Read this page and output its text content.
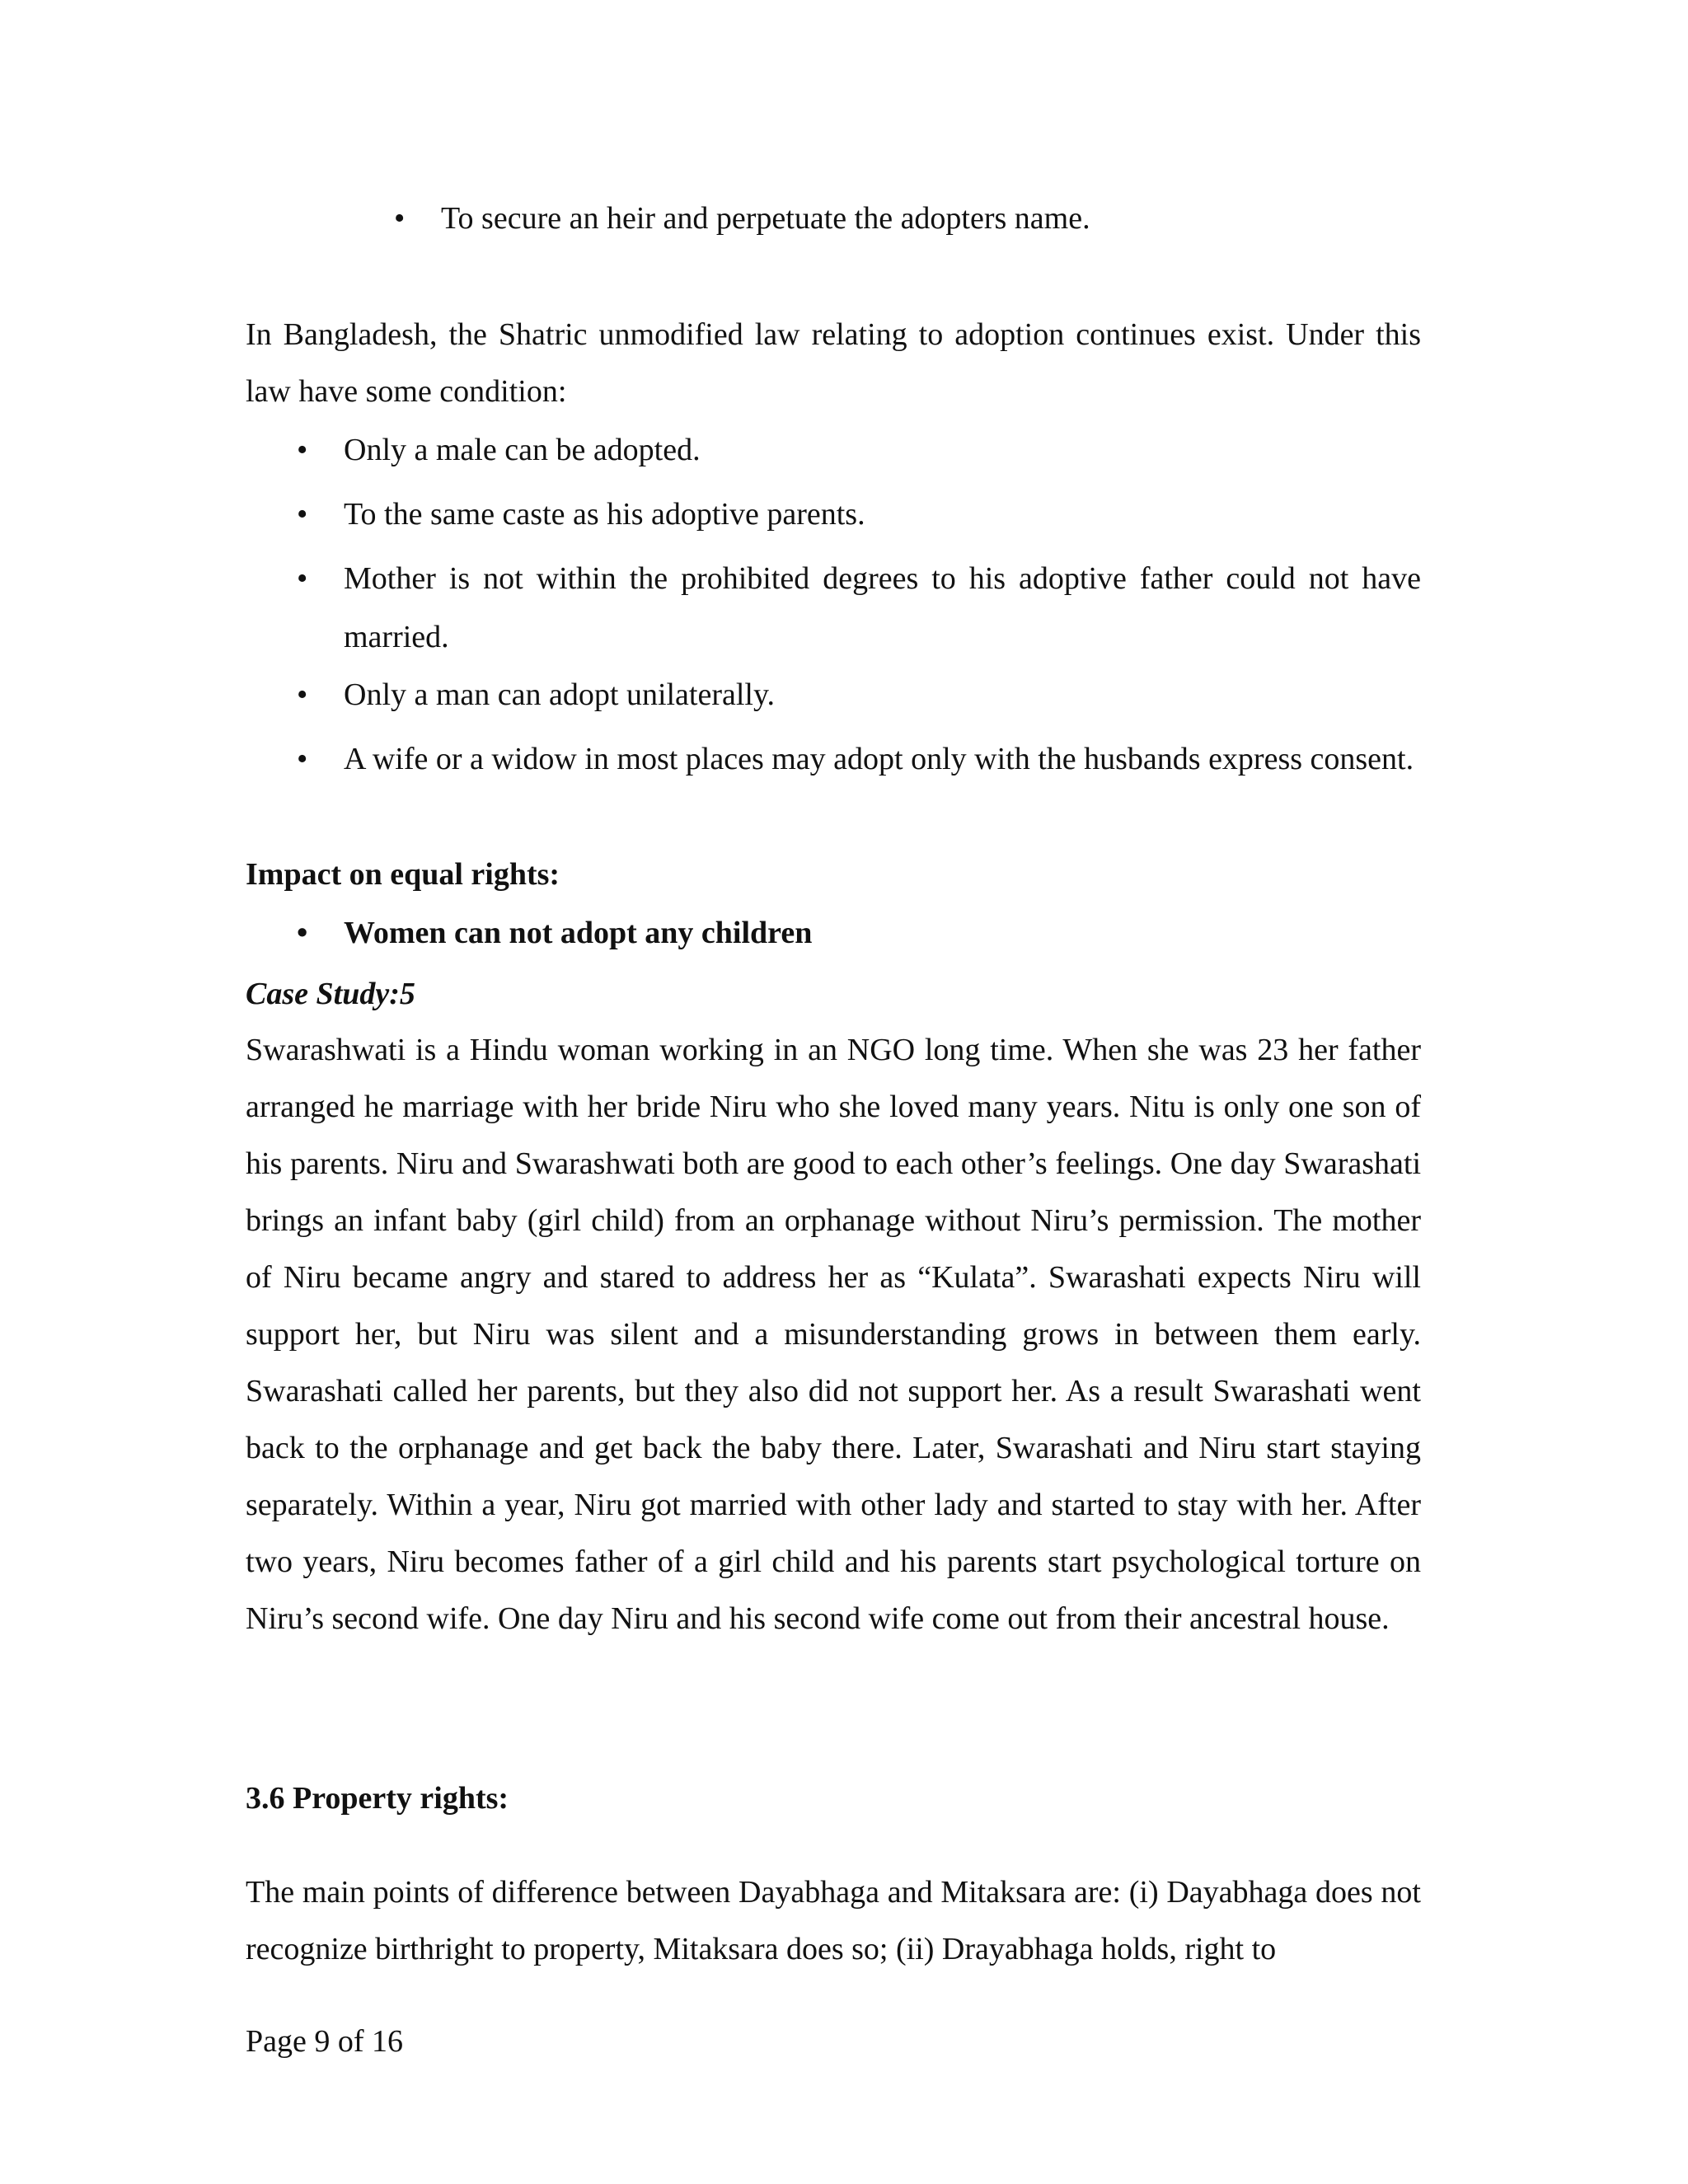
• To secure an heir and perpetuate the adopters name.

In Bangladesh, the Shatric unmodified law relating to adoption continues exist. Under this law have some condition:

• Only a male can be adopted.

• To the same caste as his adoptive parents.

• Mother is not within the prohibited degrees to his adoptive father could not have married.

• Only a man can adopt unilaterally.

• A wife or a widow in most places may adopt only with the husbands express consent.

Impact on equal rights:

• Women can not adopt any children

Case Study:5

Swarashwati is a Hindu woman working in an NGO long time. When she was 23 her father arranged he marriage with her bride Niru who she loved many years. Nitu is only one son of his parents. Niru and Swarashwati both are good to each other’s feelings. One day Swarashati brings an infant baby (girl child) from an orphanage without Niru’s permission. The mother of Niru became angry and stared to address her as “Kulata”. Swarashati expects Niru will support her, but Niru was silent and a misunderstanding grows in between them early. Swarashati called her parents, but they also did not support her. As a result Swarashati went back to the orphanage and get back the baby there. Later, Swarashati and Niru start staying separately. Within a year, Niru got married with other lady and started to stay with her. After two years, Niru becomes father of a girl child and his parents start psychological torture on Niru’s second wife. One day Niru and his second wife come out from their ancestral house.

3.6 Property rights:

The main points of difference between Dayabhaga and Mitaksara are: (i) Dayabhaga does not recognize birthright to property, Mitaksara does so; (ii) Drayabhaga holds, right to

Page 9 of 16
